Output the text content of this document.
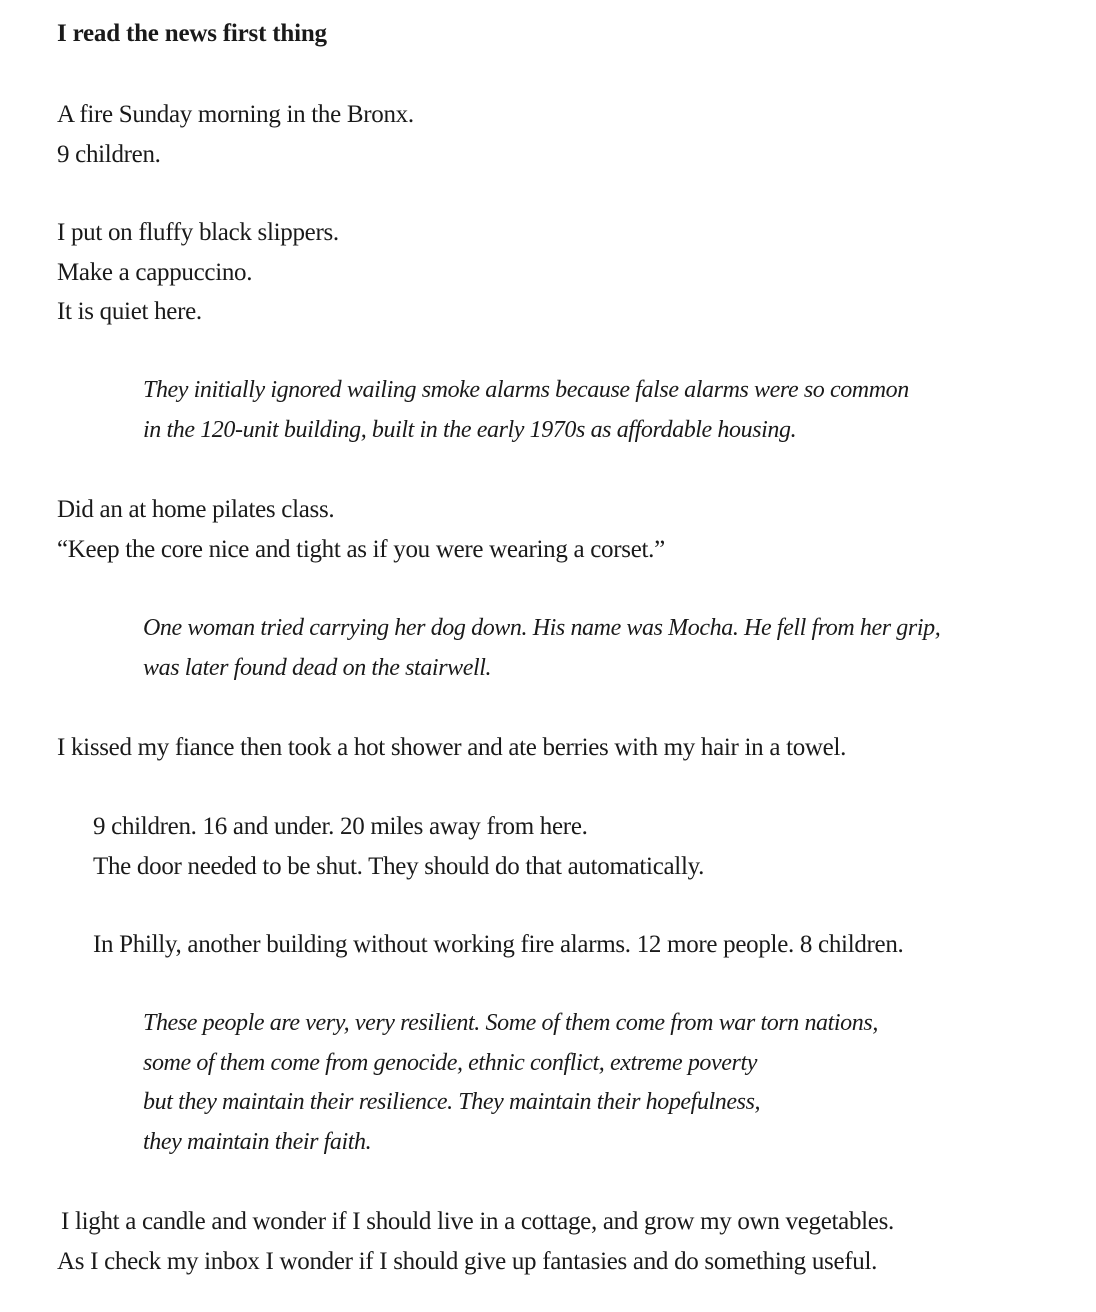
I read the news first thing

A fire Sunday morning in the Bronx.
9 children.

I put on fluffy black slippers.
Make a cappuccino.
It is quiet here.

They initially ignored wailing smoke alarms because false alarms were so common
in the 120-unit building, built in the early 1970s as affordable housing.

Did an at home pilates class.
“Keep the core nice and tight as if you were wearing a corset.”

One woman tried carrying her dog down. His name was Mocha. He fell from her grip,
was later found dead on the stairwell.

I kissed my fiance then took a hot shower and ate berries with my hair in a towel.

9 children. 16 and under. 20 miles away from here.
The door needed to be shut. They should do that automatically.

In Philly, another building without working fire alarms. 12 more people. 8 children.

These people are very, very resilient. Some of them come from war torn nations,
some of them come from genocide, ethnic conflict, extreme poverty
but they maintain their resilience. They maintain their hopefulness,
they maintain their faith.

I light a candle and wonder if I should live in a cottage, and grow my own vegetables.

As I check my inbox I wonder if I should give up fantasies and do something useful.
